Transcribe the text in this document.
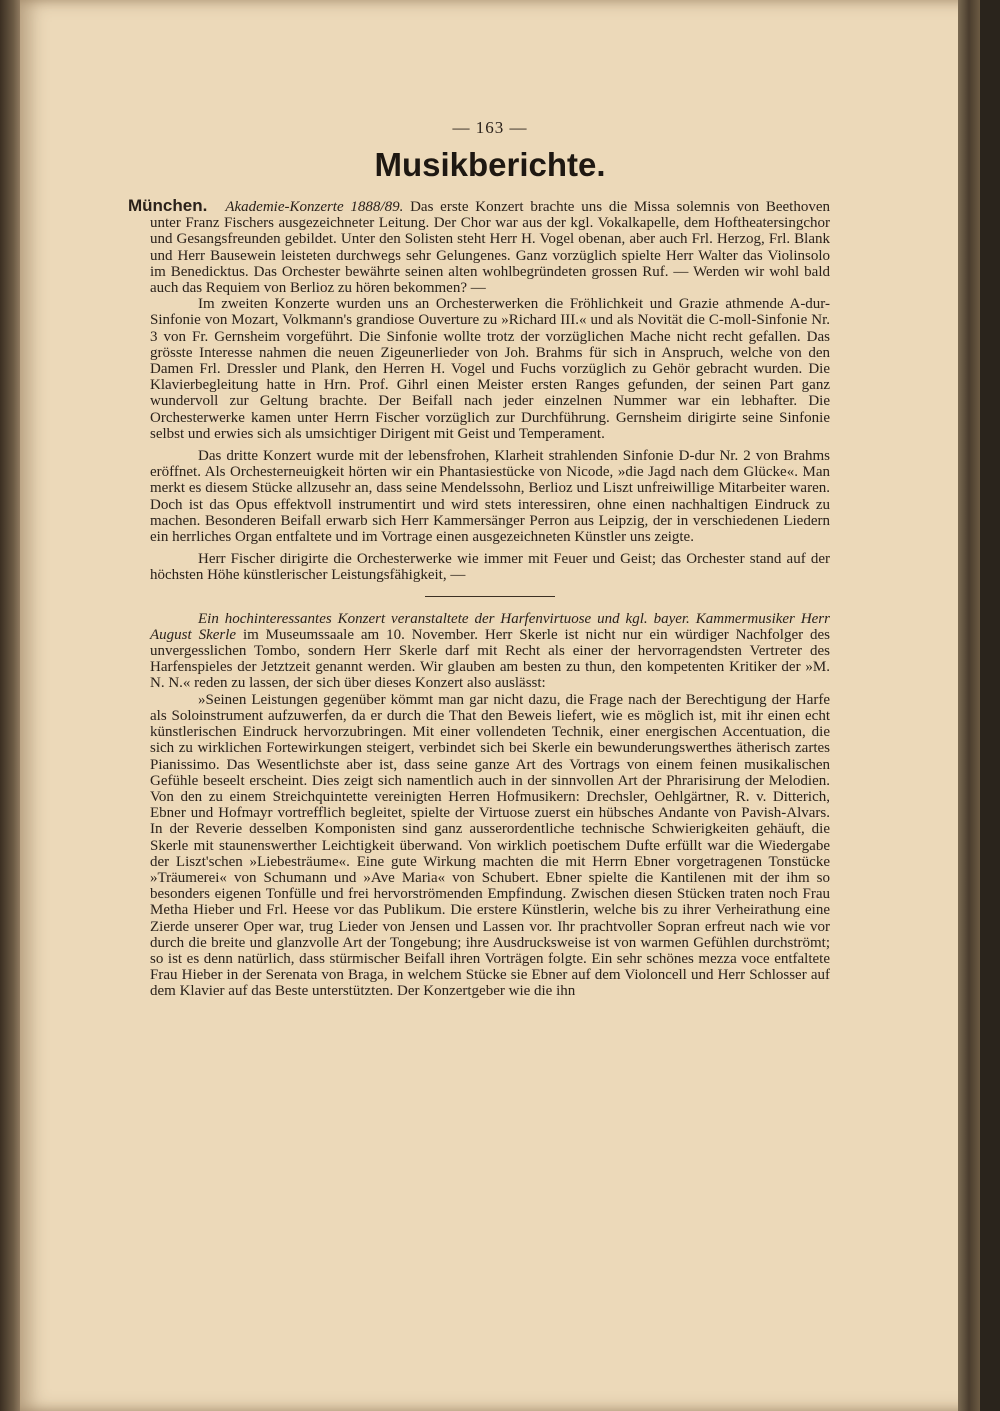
— 163 —
Musikberichte.

München. Akademie-Konzerte 1888/89. Das erste Konzert brachte uns die Missa solemnis von Beethoven unter Franz Fischers ausgezeichneter Leitung. Der Chor war aus der kgl. Vokalkapelle, dem Hoftheatersingchor und Gesangsfreunden gebildet. Unter den Solisten steht Herr H. Vogel obenan, aber auch Frl. Herzog, Frl. Blank und Herr Bausewein leisteten durchwegs sehr Gelungenes. Ganz vorzüglich spielte Herr Walter das Violinsolo im Benedicktus. Das Orchester bewährte seinen alten wohlbegründeten grossen Ruf. — Werden wir wohl bald auch das Requiem von Berlioz zu hören bekommen? —

Im zweiten Konzerte wurden uns an Orchesterwerken die Fröhlichkeit und Grazie athmende A-dur-Sinfonie von Mozart, Volkmann's grandiose Ouverture zu »Richard III.« und als Novität die C-moll-Sinfonie Nr. 3 von Fr. Gernsheim vorgeführt. Die Sinfonie wollte trotz der vorzüglichen Mache nicht recht gefallen. Das grösste Interesse nahmen die neuen Zigeunerlieder von Joh. Brahms für sich in Anspruch, welche von den Damen Frl. Dressler und Plank, den Herren H. Vogel und Fuchs vorzüglich zu Gehör gebracht wurden. Die Klavierbegleitung hatte in Hrn. Prof. Gihrl einen Meister ersten Ranges gefunden, der seinen Part ganz wundervoll zur Geltung brachte. Der Beifall nach jeder einzelnen Nummer war ein lebhafter. Die Orchesterwerke kamen unter Herrn Fischer vorzüglich zur Durchführung. Gernsheim dirigirte seine Sinfonie selbst und erwies sich als umsichtiger Dirigent mit Geist und Temperament.

Das dritte Konzert wurde mit der lebensfrohen, Klarheit strahlenden Sinfonie D-dur Nr. 2 von Brahms eröffnet. Als Orchesterneuigkeit hörten wir ein Phantasiestücke von Nicode, »die Jagd nach dem Glücke«. Man merkt es diesem Stücke allzusehr an, dass seine Mendelssohn, Berlioz und Liszt unfreiwillige Mitarbeiter waren. Doch ist das Opus effektvoll instrumentirt und wird stets interessiren, ohne einen nachhaltigen Eindruck zu machen. Besonderen Beifall erwarb sich Herr Kammersänger Perron aus Leipzig, der in verschiedenen Liedern ein herrliches Organ entfaltete und im Vortrage einen ausgezeichneten Künstler uns zeigte.

Herr Fischer dirigirte die Orchesterwerke wie immer mit Feuer und Geist; das Orchester stand auf der höchsten Höhe künstlerischer Leistungsfähigkeit, —

Ein hochinteressantes Konzert veranstaltete der Harfenvirtuose und kgl. bayer. Kammermusiker Herr August Skerle im Museumssaale am 10. November. Herr Skerle ist nicht nur ein würdiger Nachfolger des unvergesslichen Tombo, sondern Herr Skerle darf mit Recht als einer der hervorragendsten Vertreter des Harfenspieles der Jetztzeit genannt werden. Wir glauben am besten zu thun, den kompetenten Kritiker der »M. N. N.« reden zu lassen, der sich über dieses Konzert also auslässt:

»Seinen Leistungen gegenüber kömmt man gar nicht dazu, die Frage nach der Berechtigung der Harfe als Soloinstrument aufzuwerfen, da er durch die That den Beweis liefert, wie es möglich ist, mit ihr einen echt künstlerischen Eindruck hervorzubringen. Mit einer vollendeten Technik, einer energischen Accentuation, die sich zu wirklichen Fortewirkungen steigert, verbindet sich bei Skerle ein bewunderungswerthes ätherisch zartes Pianissimo. Das Wesentlichste aber ist, dass seine ganze Art des Vortrags von einem feinen musikalischen Gefühle beseelt erscheint. Dies zeigt sich namentlich auch in der sinnvollen Art der Phrarisirung der Melodien. Von den zu einem Streichquintette vereinigten Herren Hofmusikern: Drechsler, Oehlgärtner, R. v. Ditterich, Ebner und Hofmayr vortrefflich begleitet, spielte der Virtuose zuerst ein hübsches Andante von Pavish-Alvars. In der Reverie desselben Komponisten sind ganz ausserordentliche technische Schwierigkeiten gehäuft, die Skerle mit staunenswerther Leichtigkeit überwand. Von wirklich poetischem Dufte erfüllt war die Wiedergabe der Liszt'schen »Liebesträume«. Eine gute Wirkung machten die mit Herrn Ebner vorgetragenen Tonstücke »Träumerei« von Schumann und »Ave Maria« von Schubert. Ebner spielte die Kantilenen mit der ihm so besonders eigenen Tonfülle und frei hervorströmenden Empfindung. Zwischen diesen Stücken traten noch Frau Metha Hieber und Frl. Heese vor das Publikum. Die erstere Künstlerin, welche bis zu ihrer Verheirathung eine Zierde unserer Oper war, trug Lieder von Jensen und Lassen vor. Ihr prachtvoller Sopran erfreut nach wie vor durch die breite und glanzvolle Art der Tongebung; ihre Ausdrucksweise ist von warmen Gefühlen durchströmt; so ist es denn natürlich, dass stürmischer Beifall ihren Vorträgen folgte. Ein sehr schönes mezza voce entfaltete Frau Hieber in der Serenata von Braga, in welchem Stücke sie Ebner auf dem Violoncell und Herr Schlosser auf dem Klavier auf das Beste unterstützten. Der Konzertgeber wie die ihn
